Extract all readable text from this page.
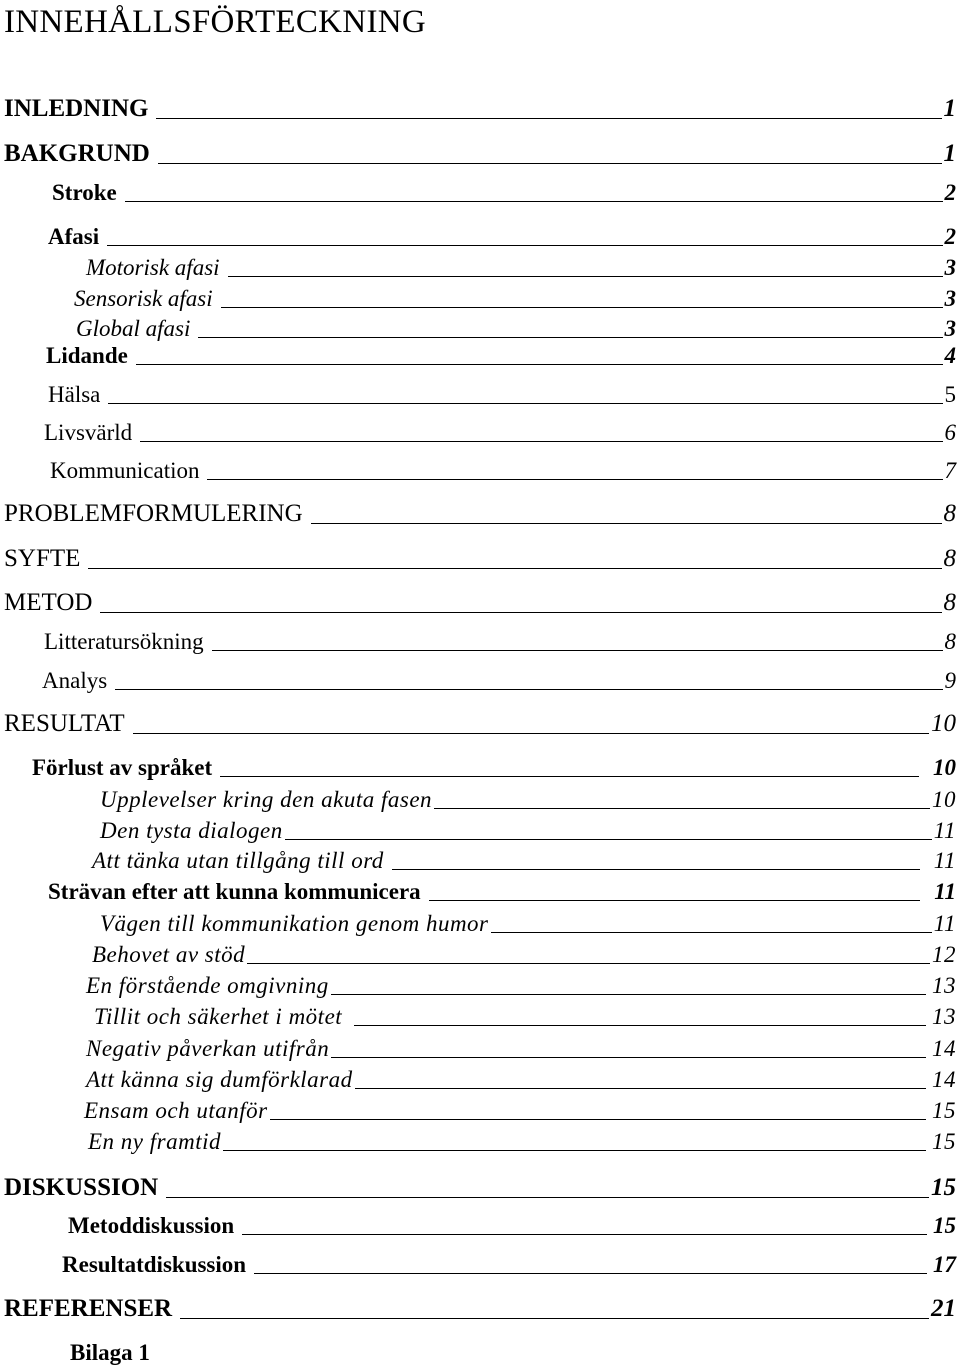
INNEHÅLLSFÖRTECKNING
INLEDNING	1
BAKGRUND	1
Stroke	2
Afasi	2
Motorisk afasi	3
Sensorisk afasi	3
Global afasi	3
Lidande	4
Hälsa	5
Livsvärld	6
Kommunication	7
PROBLEMFORMULERING	8
SYFTE	8
METOD	8
Litteratursökning	8
Analys	9
RESULTAT	10
Förlust av språket	10
Upplevelser kring den akuta fasen	10
Den tysta dialogen	11
Att tänka utan tillgång till ord	11
Strävan efter att kunna kommunicera	11
Vägen till kommunikation genom humor	11
Behovet av stöd	12
En förstående omgivning	13
Tillit och säkerhet i mötet	13
Negativ påverkan utifrån	14
Att känna sig dumförklarad	14
Ensam och utanför	15
En ny framtid	15
DISKUSSION	15
Metoddiskussion	15
Resultatdiskussion	17
REFERENSER	21
Bilaga 1
